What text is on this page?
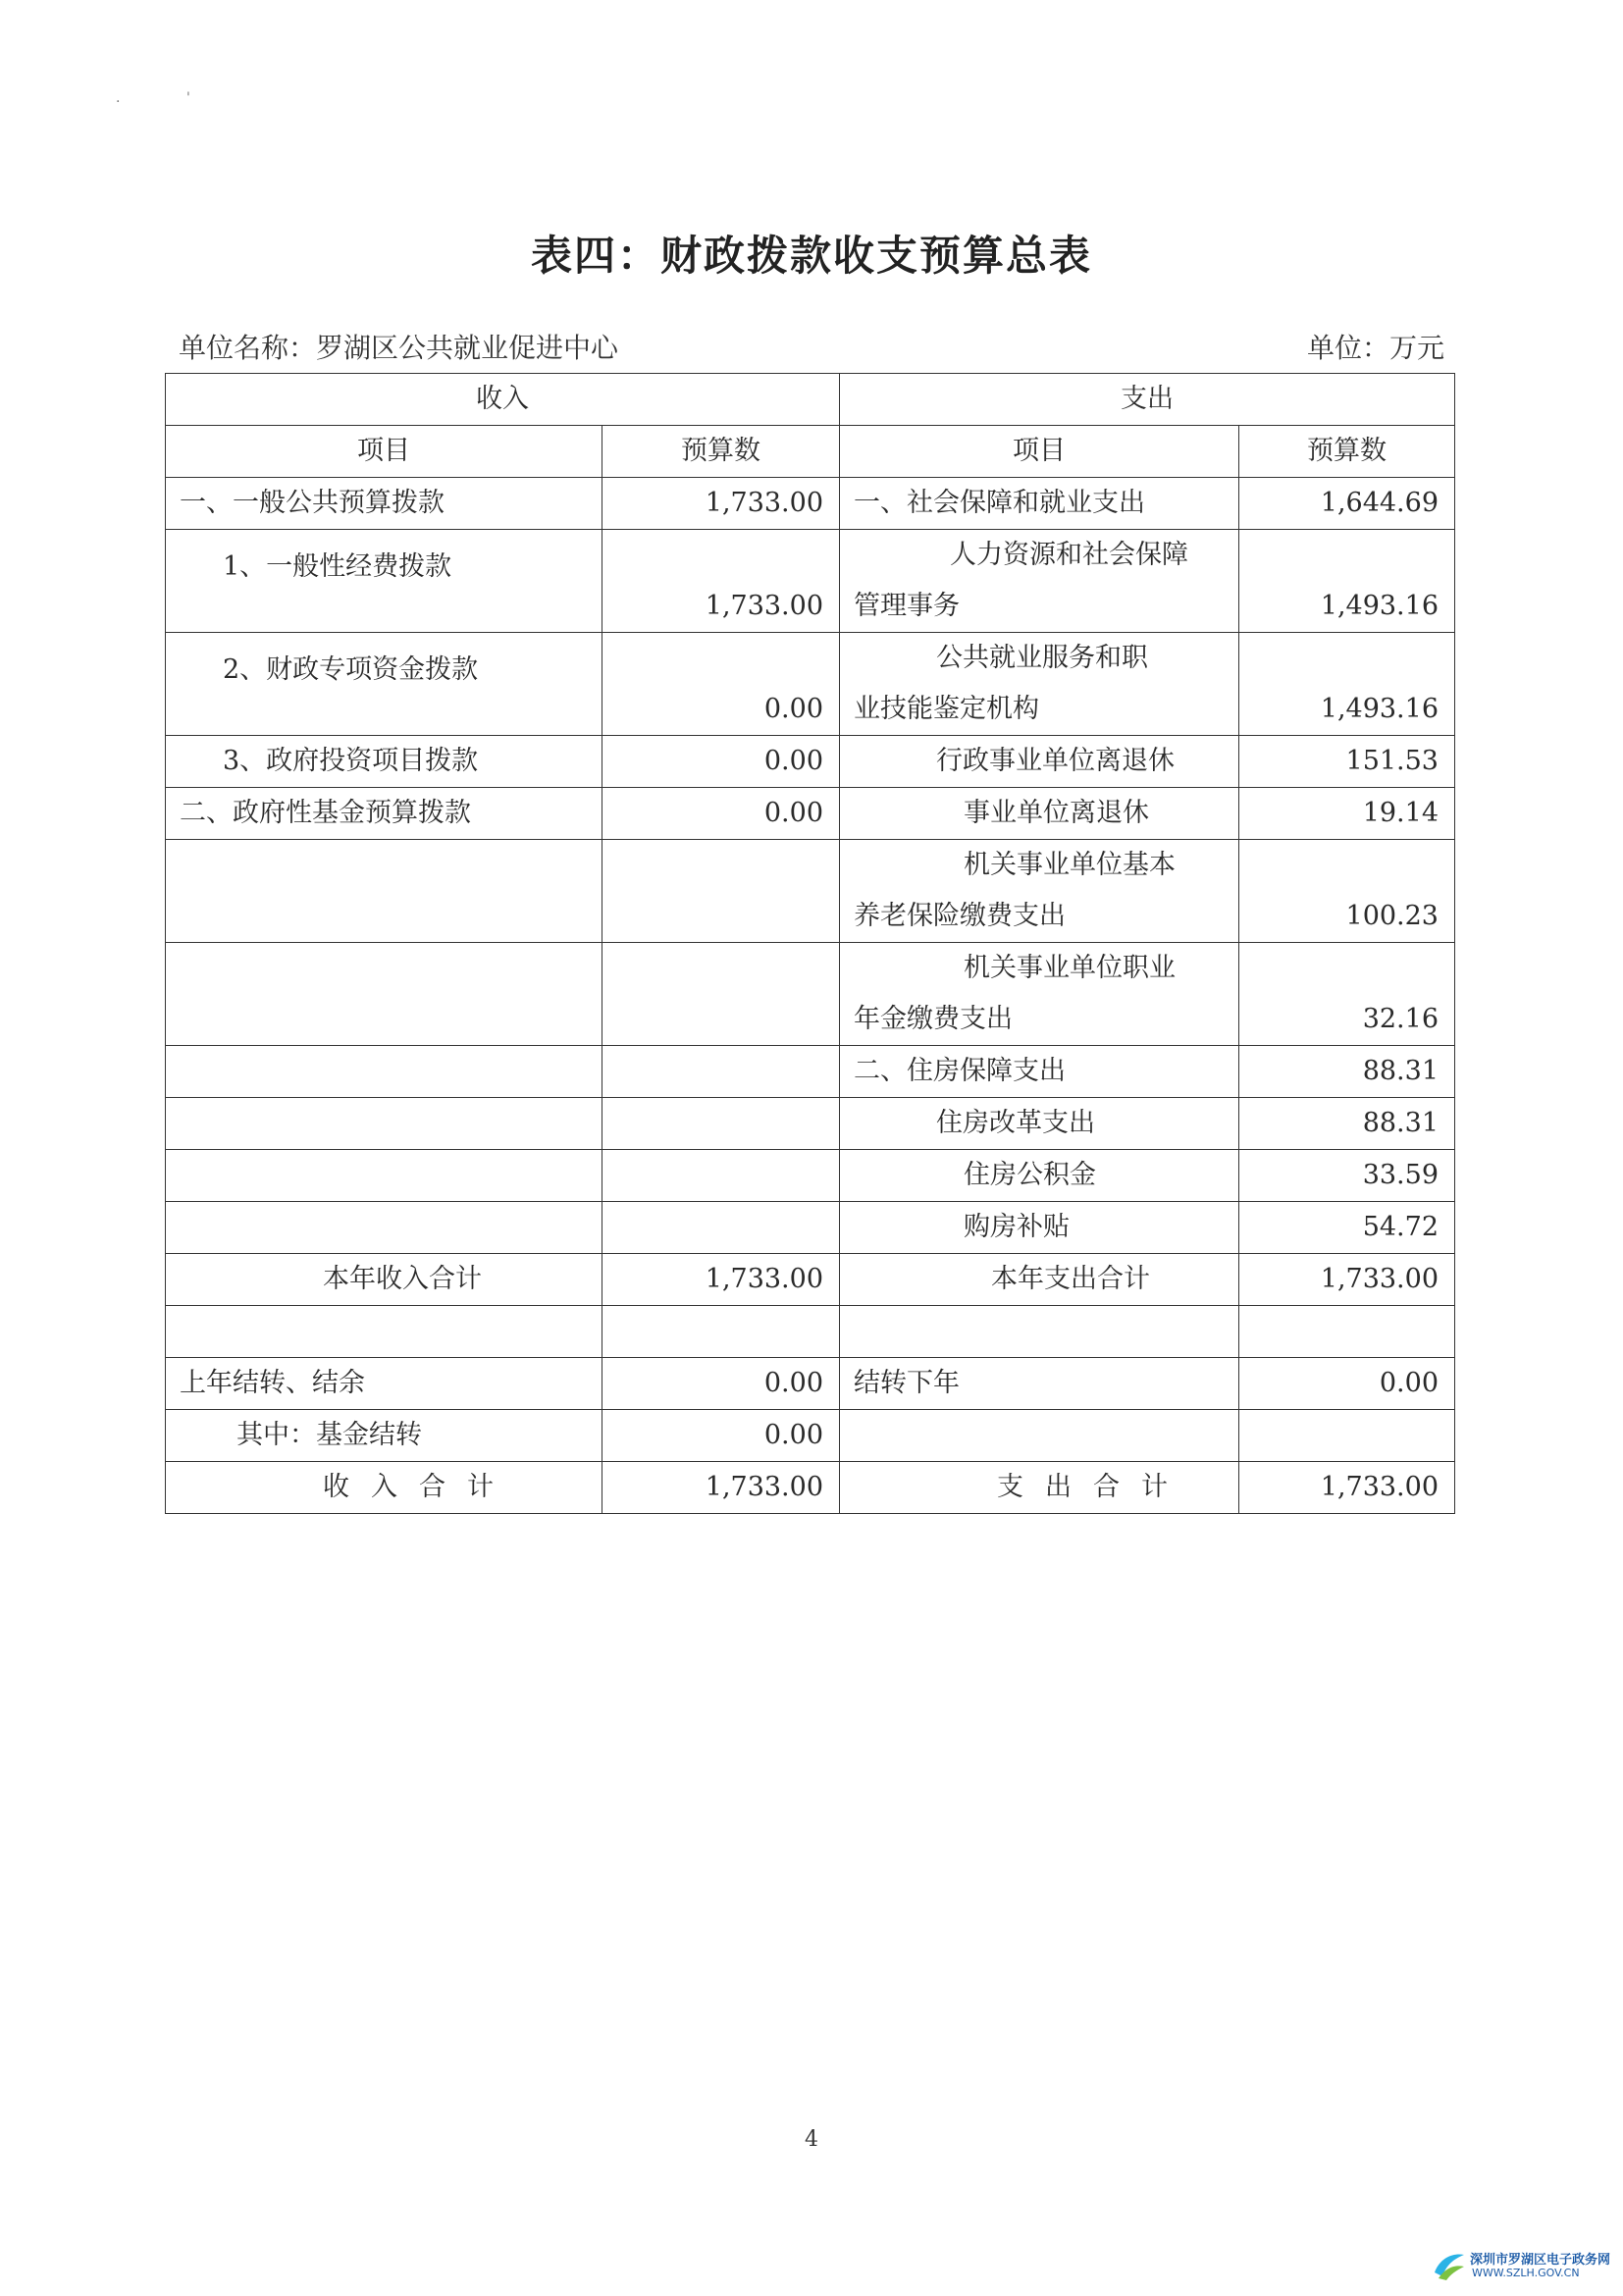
·	'
表四：财政拨款收支预算总表
单位名称：罗湖区公共就业促进中心	单位：万元
收入		支出	
项目	预算数	项目	预算数
一、一般公共预算拨款	1,733.00	一、社会保障和就业支出	1,644.69
1、一般性经费拨款	1,733.00	人力资源和社会保障
管理事务	1,493.16

2、财政专项资金拨款	0.00	公共就业服务和职
业技能鉴定机构	1,493.16

3、政府投资项目拨款	0.00	行政事业单位离退休	151.53
二、政府性基金预算拨款	0.00	事业单位离退休	19.14

		机关事业单位基本
养老保险缴费支出	100.23

		机关事业单位职业
年金缴费支出	32.16

		二、住房保障支出	88.31
		住房改革支出	88.31
		住房公积金	33.59
		购房补贴	54.72
本年收入合计	1,733.00	本年支出合计	1,733.00

上年结转、结余	0.00	结转下年	0.00
其中：基金结转	0.00		
收入合计	1,733.00	支出合计	1,733.00
4
深圳市罗湖区电子政务网
WWW.SZLH.GOV.CN
